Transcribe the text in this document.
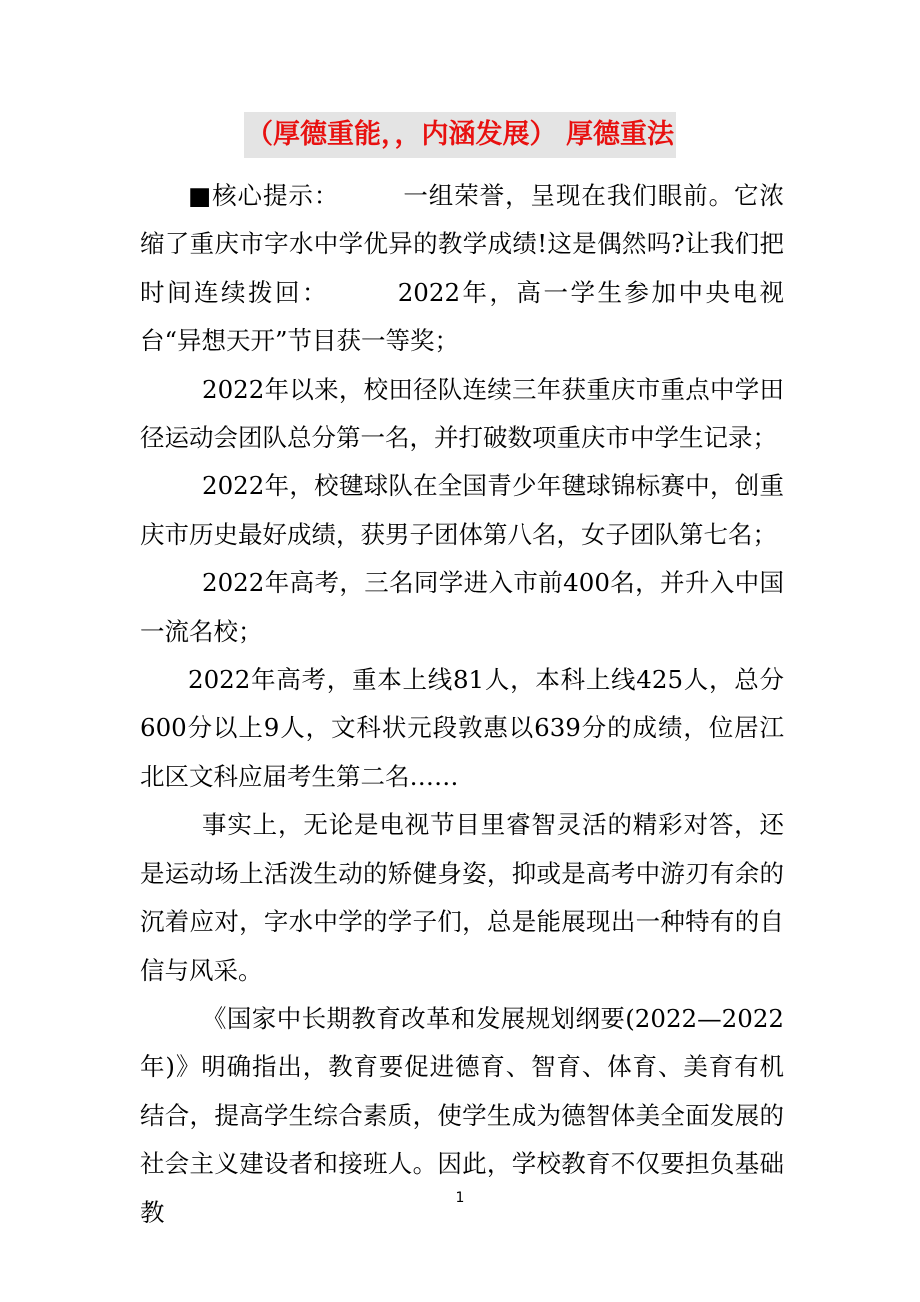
（厚德重能，，内涵发展） 厚德重法

■核心提示：　　　一组荣誉，呈现在我们眼前。它浓缩了重庆市字水中学优异的教学成绩!这是偶然吗?让我们把时间连续拨回：　　　2022年，高一学生参加中央电视台“异想天开”节目获一等奖；

2022年以来，校田径队连续三年获重庆市重点中学田径运动会团队总分第一名，并打破数项重庆市中学生记录；

2022年，校毽球队在全国青少年毽球锦标赛中，创重庆市历史最好成绩，获男子团体第八名，女子团队第七名；

2022年高考，三名同学进入市前400名，并升入中国一流名校；

2022年高考，重本上线81人，本科上线425人，总分600分以上9人，文科状元段敦惠以639分的成绩，位居江北区文科应届考生第二名……

事实上，无论是电视节目里睿智灵活的精彩对答，还是运动场上活泼生动的矫健身姿，抑或是高考中游刃有余的沉着应对，字水中学的学子们，总是能展现出一种特有的自信与风采。

《国家中长期教育改革和发展规划纲要(2022—2022年)》明确指出，教育要促进德育、智育、体育、美育有机结合，提高学生综合素质，使学生成为德智体美全面发展的社会主义建设者和接班人。因此，学校教育不仅要担负基础教	1
